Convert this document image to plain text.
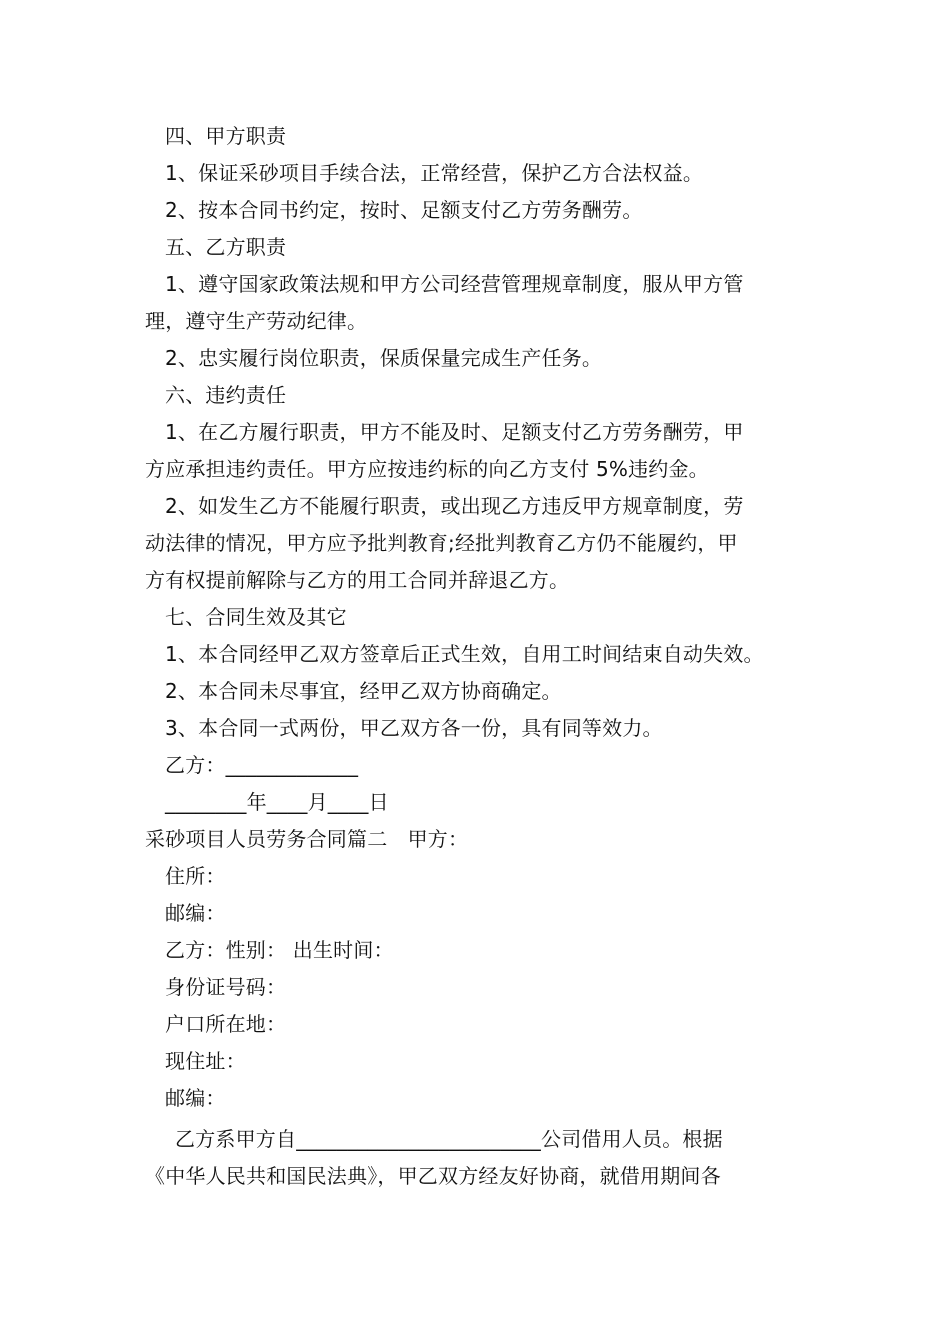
四、甲方职责

1、保证采砂项目手续合法，正常经营，保护乙方合法权益。

2、按本合同书约定，按时、足额支付乙方劳务酬劳。

五、乙方职责

1、遵守国家政策法规和甲方公司经营管理规章制度，服从甲方管

理，遵守生产劳动纪律。

2、忠实履行岗位职责，保质保量完成生产任务。

六、违约责任

1、在乙方履行职责，甲方不能及时、足额支付乙方劳务酬劳，甲

方应承担违约责任。甲方应按违约标的向乙方支付 5%违约金。

2、如发生乙方不能履行职责，或出现乙方违反甲方规章制度，劳

动法律的情况，甲方应予批判教育;经批判教育乙方仍不能履约，甲

方有权提前解除与乙方的用工合同并辞退乙方。

七、合同生效及其它

1、本合同经甲乙双方签章后正式生效，自用工时间结束自动失效。

2、本合同未尽事宜，经甲乙双方协商确定。

3、本合同一式两份，甲乙双方各一份，具有同等效力。

乙方：_____________

________年____月____日

采砂项目人员劳务合同篇二　甲方：

住所：

邮编：

乙方：性别： 出生时间：

身份证号码：

户口所在地：

现住址：

邮编：

乙方系甲方自________________________公司借用人员。根据

《中华人民共和国民法典》，甲乙双方经友好协商，就借用期间各
